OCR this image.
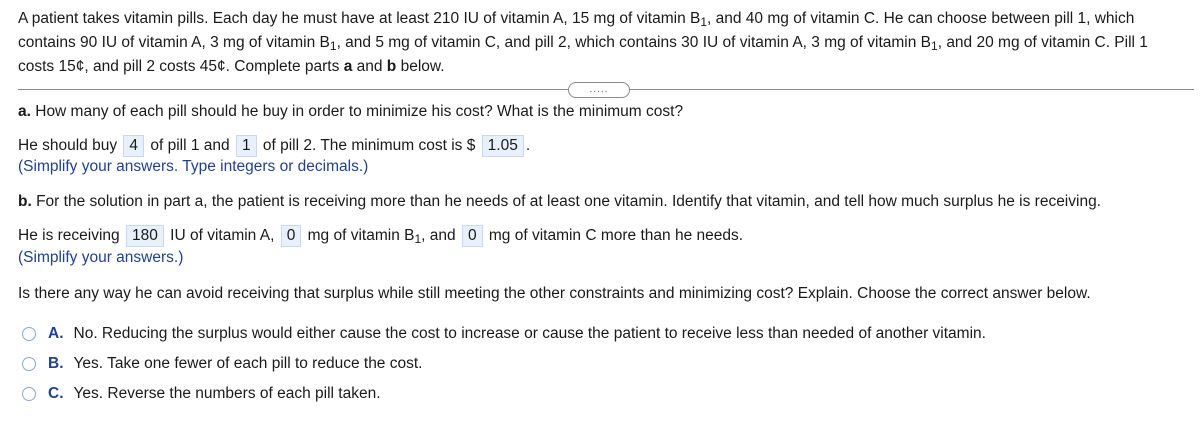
A patient takes vitamin pills. Each day he must have at least 210 IU of vitamin A, 15 mg of vitamin $B_1$, and 40 mg of vitamin C. He can choose between pill 1, which contains 90 IU of vitamin A, 3 mg of vitamin $B_1$, and 5 mg of vitamin C, and pill 2, which contains 30 IU of vitamin A, 3 mg of vitamin $B_1$, and 20 mg of vitamin C. Pill 1 costs 15¢, and pill 2 costs 45¢. Complete parts a and b below.
.....
a. How many of each pill should he buy in order to minimize his cost? What is the minimum cost?
He should buy 4 of pill 1 and 1 of pill 2. The minimum cost is $ 1.05 .
(Simplify your answers. Type integers or decimals.)
b. For the solution in part a, the patient is receiving more than he needs of at least one vitamin. Identify that vitamin, and tell how much surplus he is receiving.
He is receiving 180 IU of vitamin A, 0 mg of vitamin $B_1$, and 0 mg of vitamin C more than he needs.
(Simplify your answers.)
Is there any way he can avoid receiving that surplus while still meeting the other constraints and minimizing cost? Explain. Choose the correct answer below.
A. No. Reducing the surplus would either cause the cost to increase or cause the patient to receive less than needed of another vitamin.
B. Yes. Take one fewer of each pill to reduce the cost.
C. Yes. Reverse the numbers of each pill taken.
